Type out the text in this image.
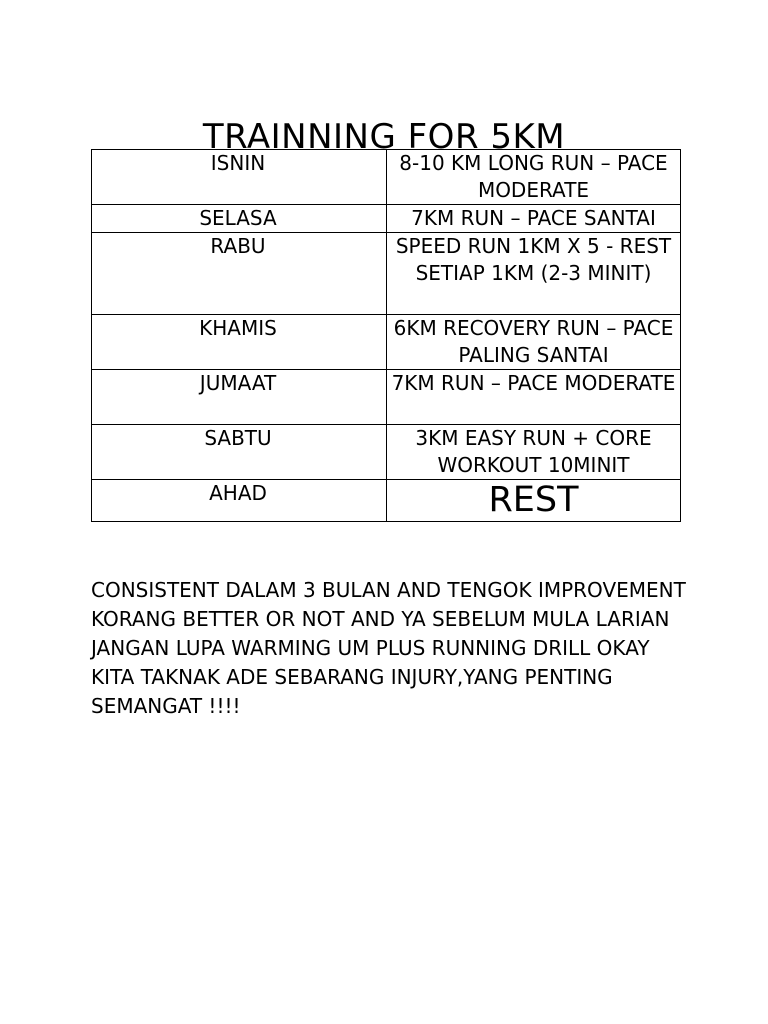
TRAINNING FOR 5KM
ISNIN	8-10 KM LONG RUN – PACE MODERATE
SELASA	7KM RUN – PACE SANTAI
RABU	SPEED RUN 1KM X 5 - REST SETIAP 1KM (2-3 MINIT)
KHAMIS	6KM RECOVERY RUN – PACE PALING SANTAI
JUMAAT	7KM RUN – PACE MODERATE
SABTU	3KM EASY RUN + CORE WORKOUT 10MINIT
AHAD	REST

CONSISTENT DALAM 3 BULAN AND TENGOK IMPROVEMENT KORANG BETTER OR NOT AND YA SEBELUM MULA LARIAN JANGAN LUPA WARMING UM PLUS RUNNING DRILL OKAY KITA TAKNAK ADE SEBARANG INJURY,YANG PENTING SEMANGAT !!!!
